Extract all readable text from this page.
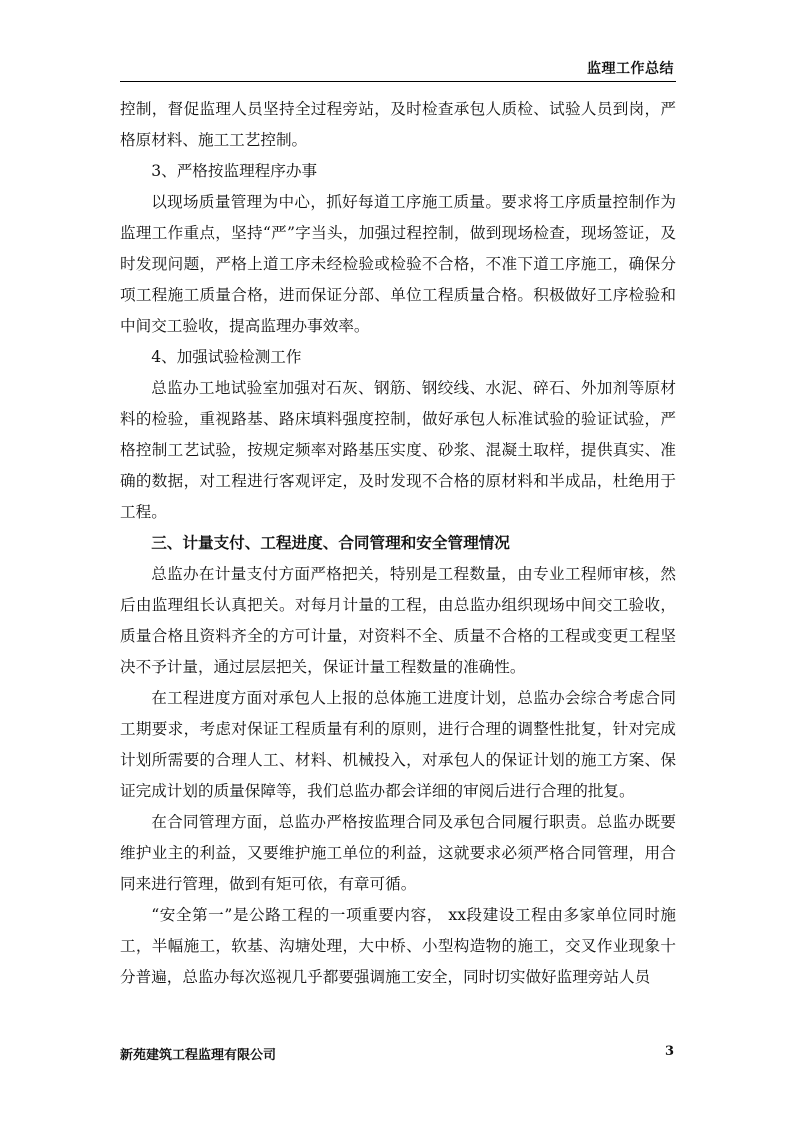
监理工作总结

控制，督促监理人员坚持全过程旁站，及时检查承包人质检、试验人员到岗，严格原材料、施工工艺控制。

3、严格按监理程序办事

以现场质量管理为中心，抓好每道工序施工质量。要求将工序质量控制作为监理工作重点，坚持“严”字当头，加强过程控制，做到现场检查，现场签证，及时发现问题，严格上道工序未经检验或检验不合格，不准下道工序施工，确保分项工程施工质量合格，进而保证分部、单位工程质量合格。积极做好工序检验和中间交工验收，提高监理办事效率。

4、加强试验检测工作

总监办工地试验室加强对石灰、钢筋、钢绞线、水泥、碎石、外加剂等原材料的检验，重视路基、路床填料强度控制，做好承包人标准试验的验证试验，严格控制工艺试验，按规定频率对路基压实度、砂浆、混凝土取样，提供真实、准确的数据，对工程进行客观评定，及时发现不合格的原材料和半成品，杜绝用于工程。

三、计量支付、工程进度、合同管理和安全管理情况

总监办在计量支付方面严格把关，特别是工程数量，由专业工程师审核，然后由监理组长认真把关。对每月计量的工程，由总监办组织现场中间交工验收，质量合格且资料齐全的方可计量，对资料不全、质量不合格的工程或变更工程坚决不予计量，通过层层把关，保证计量工程数量的准确性。

在工程进度方面对承包人上报的总体施工进度计划，总监办会综合考虑合同工期要求，考虑对保证工程质量有利的原则，进行合理的调整性批复，针对完成计划所需要的合理人工、材料、机械投入，对承包人的保证计划的施工方案、保证完成计划的质量保障等，我们总监办都会详细的审阅后进行合理的批复。

在合同管理方面，总监办严格按监理合同及承包合同履行职责。总监办既要维护业主的利益，又要维护施工单位的利益，这就要求必须严格合同管理，用合同来进行管理，做到有矩可依，有章可循。

“安全第一”是公路工程的一项重要内容， xx段建设工程由多家单位同时施工，半幅施工，软基、沟塘处理，大中桥、小型构造物的施工，交叉作业现象十分普遍，总监办每次巡视几乎都要强调施工安全，同时切实做好监理旁站人员

新苑建筑工程监理有限公司	3
